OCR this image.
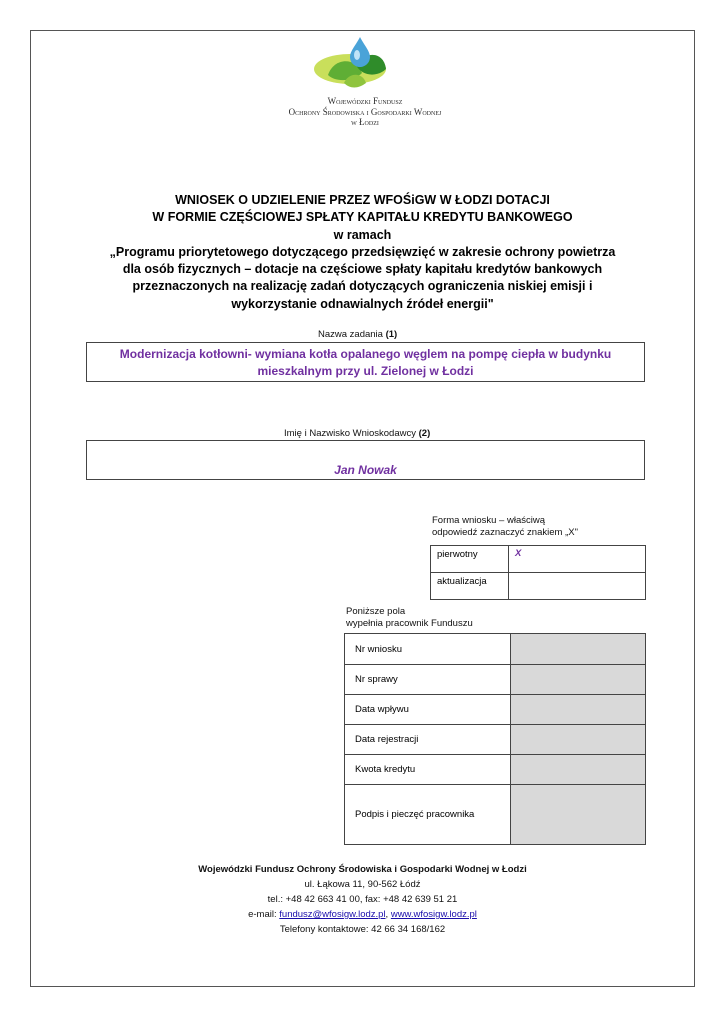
Wojewódzki Fundusz
Ochrony Środowiska i Gospodarki Wodnej
w Łodzi
WNIOSEK O UDZIELENIE PRZEZ WFOŚiGW W ŁODZI DOTACJI
W FORMIE CZĘŚCIOWEJ SPŁATY KAPITAŁU KREDYTU BANKOWEGO
w ramach
„Programu priorytetowego dotyczącego przedsięwzięć w zakresie ochrony powietrza
dla osób fizycznych – dotacje na częściowe spłaty kapitału kredytów bankowych
przeznaczonych na realizację zadań dotyczących ograniczenia niskiej emisji i
wykorzystanie odnawialnych źródeł energii"
Nazwa zadania (1)
Modernizacja kotłowni- wymiana kotła opalanego węglem na pompę ciepła w budynku
mieszkalnym przy ul. Zielonej w Łodzi
Imię i Nazwisko Wnioskodawcy (2)
Jan Nowak
Forma wniosku – właściwą
odpowiedź zaznaczyć znakiem „X"
pierwotny	X
aktualizacja	
Poniższe pola
wypełnia pracownik Funduszu
Nr wniosku	
Nr sprawy	
Data wpływu	
Data rejestracji	
Kwota kredytu	
Podpis i pieczęć pracownika	
Wojewódzki Fundusz Ochrony Środowiska i Gospodarki Wodnej w Łodzi
ul. Łąkowa 11, 90-562 Łódź
tel.: +48 42 663 41 00, fax: +48 42 639 51 21
e-mail: fundusz@wfosigw.lodz.pl, www.wfosigw.lodz.pl
Telefony kontaktowe: 42 66 34 168/162
